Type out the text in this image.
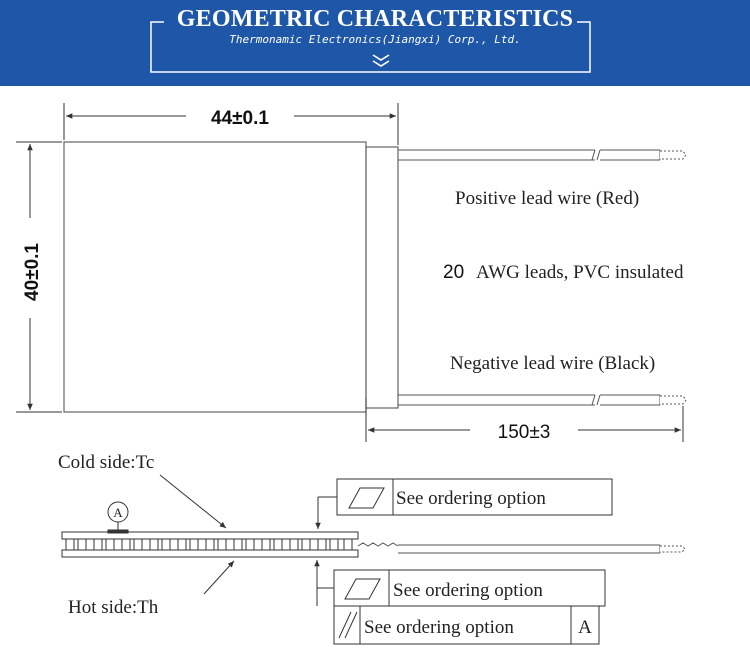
GEOMETRIC CHARACTERISTICS
Thermonamic Electronics(Jiangxi) Corp., Ltd.
44±0.1
40±0.1
150±3
Positive lead wire (Red)
20 AWG leads, PVC insulated
Negative lead wire (Black)
A
Cold side:Tc
Hot side:Th
See ordering option
See ordering option
See ordering option	A
